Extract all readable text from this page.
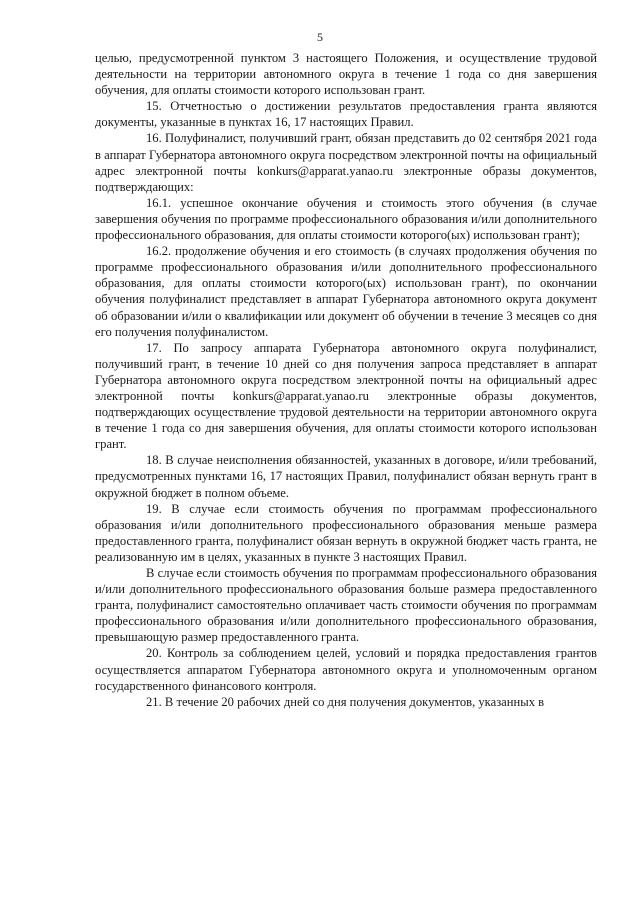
5

целью, предусмотренной пунктом 3 настоящего Положения, и осуществление трудовой деятельности на территории автономного округа в течение 1 года со дня завершения обучения, для оплаты стоимости которого использован грант.

15. Отчетностью о достижении результатов предоставления гранта являются документы, указанные в пунктах 16, 17 настоящих Правил.

16. Полуфиналист, получивший грант, обязан представить до 02 сентября 2021 года в аппарат Губернатора автономного округа посредством электронной почты на официальный адрес электронной почты konkurs@apparat.yanao.ru электронные образы документов, подтверждающих:

16.1. успешное окончание обучения и стоимость этого обучения (в случае завершения обучения по программе профессионального образования и/или дополнительного профессионального образования, для оплаты стоимости которого(ых) использован грант);

16.2. продолжение обучения и его стоимость (в случаях продолжения обучения по программе профессионального образования и/или дополнительного профессионального образования, для оплаты стоимости которого(ых) использован грант), по окончании обучения полуфиналист представляет в аппарат Губернатора автономного округа документ об образовании и/или о квалификации или документ об обучении в течение 3 месяцев со дня его получения полуфиналистом.

17. По запросу аппарата Губернатора автономного округа полуфиналист, получивший грант, в течение 10 дней со дня получения запроса представляет в аппарат Губернатора автономного округа посредством электронной почты на официальный адрес электронной почты konkurs@apparat.yanao.ru электронные образы документов, подтверждающих осуществление трудовой деятельности на территории автономного округа в течение 1 года со дня завершения обучения, для оплаты стоимости которого использован грант.

18. В случае неисполнения обязанностей, указанных в договоре, и/или требований, предусмотренных пунктами 16, 17 настоящих Правил, полуфиналист обязан вернуть грант в окружной бюджет в полном объеме.

19. В случае если стоимость обучения по программам профессионального образования и/или дополнительного профессионального образования меньше размера предоставленного гранта, полуфиналист обязан вернуть в окружной бюджет часть гранта, не реализованную им в целях, указанных в пункте 3 настоящих Правил.

В случае если стоимость обучения по программам профессионального образования и/или дополнительного профессионального образования больше размера предоставленного гранта, полуфиналист самостоятельно оплачивает часть стоимости обучения по программам профессионального образования и/или дополнительного профессионального образования, превышающую размер предоставленного гранта.

20. Контроль за соблюдением целей, условий и порядка предоставления грантов осуществляется аппаратом Губернатора автономного округа и уполномоченным органом государственного финансового контроля.

21. В течение 20 рабочих дней со дня получения документов, указанных в
